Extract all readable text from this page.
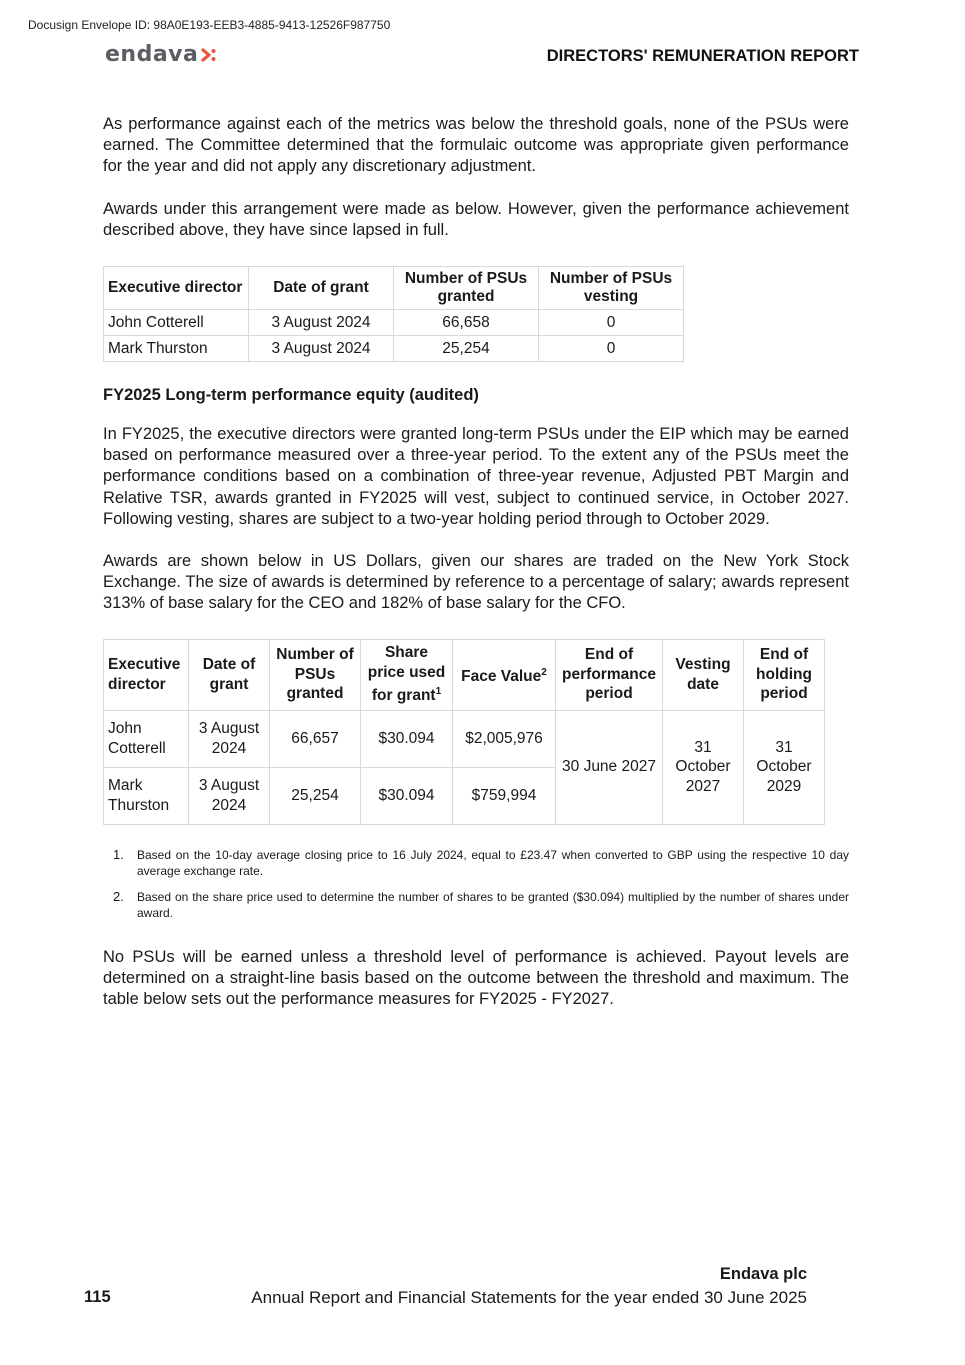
Docusign Envelope ID: 98A0E193-EEB3-4885-9413-12526F987750
endava	DIRECTORS' REMUNERATION REPORT

As performance against each of the metrics was below the threshold goals, none of the PSUs were earned. The Committee determined that the formulaic outcome was appropriate given performance for the year and did not apply any discretionary adjustment.

Awards under this arrangement were made as below. However, given the performance achievement described above, they have since lapsed in full.

Executive director	Date of grant	Number of PSUs granted	Number of PSUs vesting
John Cotterell	3 August 2024	66,658	0
Mark Thurston	3 August 2024	25,254	0
FY2025 Long-term performance equity (audited)

In FY2025, the executive directors were granted long-term PSUs under the EIP which may be earned based on performance measured over a three-year period. To the extent any of the PSUs meet the performance conditions based on a combination of three-year revenue, Adjusted PBT Margin and Relative TSR, awards granted in FY2025 will vest, subject to continued service, in October 2027. Following vesting, shares are subject to a two-year holding period through to October 2029.

Awards are shown below in US Dollars, given our shares are traded on the New York Stock Exchange. The size of awards is determined by reference to a percentage of salary; awards represent 313% of base salary for the CEO and 182% of base salary for the CFO.

Executive director	Date of grant	Number of PSUs granted	Share price used for grant$^1$	Face Value$^2$	End of performance period	Vesting date	End of holding period
John Cotterell	3 August 2024	66,657	$30.094	$2,005,976	30 June 2027	31 October 2027	31 October 2029
Mark Thurston	3 August 2024	25,254	$30.094	$759,994			
1. Based on the 10-day average closing price to 16 July 2024, equal to £23.47 when converted to GBP using the respective 10 day average exchange rate.
2. Based on the share price used to determine the number of shares to be granted ($30.094) multiplied by the number of shares under award.

No PSUs will be earned unless a threshold level of performance is achieved. Payout levels are determined on a straight-line basis based on the outcome between the threshold and maximum. The table below sets out the performance measures for FY2025 - FY2027.

Endava plc
115	Annual Report and Financial Statements for the year ended 30 June 2025
